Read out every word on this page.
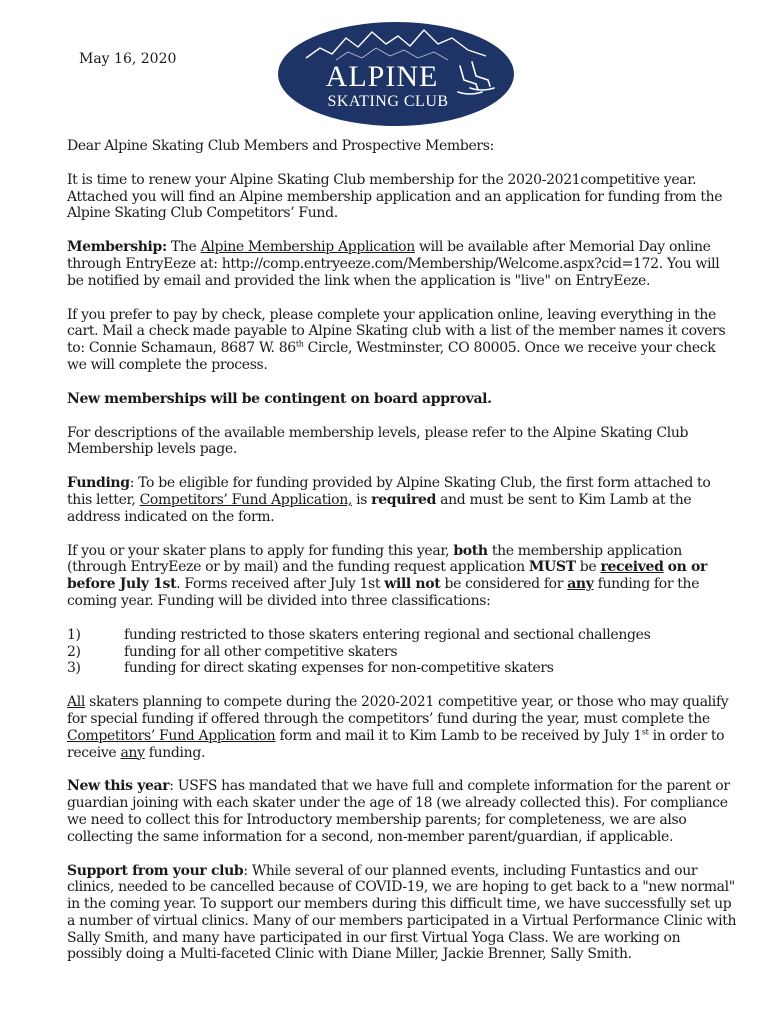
May 16, 2020
ALPINE
SKATING CLUB

Dear Alpine Skating Club Members and Prospective Members:

It is time to renew your Alpine Skating Club membership for the 2020-2021competitive year. Attached you will find an Alpine membership application and an application for funding from the Alpine Skating Club Competitors’ Fund.

Membership: The Alpine Membership Application will be available after Memorial Day online through EntryEeze at: http://comp.entryeeze.com/Membership/Welcome.aspx?cid=172. You will be notified by email and provided the link when the application is "live" on EntryEeze.

If you prefer to pay by check, please complete your application online, leaving everything in the cart. Mail a check made payable to Alpine Skating club with a list of the member names it covers to: Connie Schamaun, 8687 W. 86th Circle, Westminster, CO 80005. Once we receive your check we will complete the process.

New memberships will be contingent on board approval.

For descriptions of the available membership levels, please refer to the Alpine Skating Club Membership levels page.

Funding: To be eligible for funding provided by Alpine Skating Club, the first form attached to this letter, Competitors’ Fund Application, is required and must be sent to Kim Lamb at the address indicated on the form.

If you or your skater plans to apply for funding this year, both the membership application (through EntryEeze or by mail) and the funding request application MUST be received on or before July 1st. Forms received after July 1st will not be considered for any funding for the coming year. Funding will be divided into three classifications:

1)	funding restricted to those skaters entering regional and sectional challenges
2)	funding for all other competitive skaters
3)	funding for direct skating expenses for non-competitive skaters

All skaters planning to compete during the 2020-2021 competitive year, or those who may qualify for special funding if offered through the competitors’ fund during the year, must complete the Competitors’ Fund Application form and mail it to Kim Lamb to be received by July 1st in order to receive any funding.

New this year: USFS has mandated that we have full and complete information for the parent or guardian joining with each skater under the age of 18 (we already collected this). For compliance we need to collect this for Introductory membership parents; for completeness, we are also collecting the same information for a second, non-member parent/guardian, if applicable.

Support from your club: While several of our planned events, including Funtastics and our clinics, needed to be cancelled because of COVID-19, we are hoping to get back to a "new normal" in the coming year. To support our members during this difficult time, we have successfully set up a number of virtual clinics. Many of our members participated in a Virtual Performance Clinic with Sally Smith, and many have participated in our first Virtual Yoga Class. We are working on possibly doing a Multi-faceted Clinic with Diane Miller, Jackie Brenner, Sally Smith.
